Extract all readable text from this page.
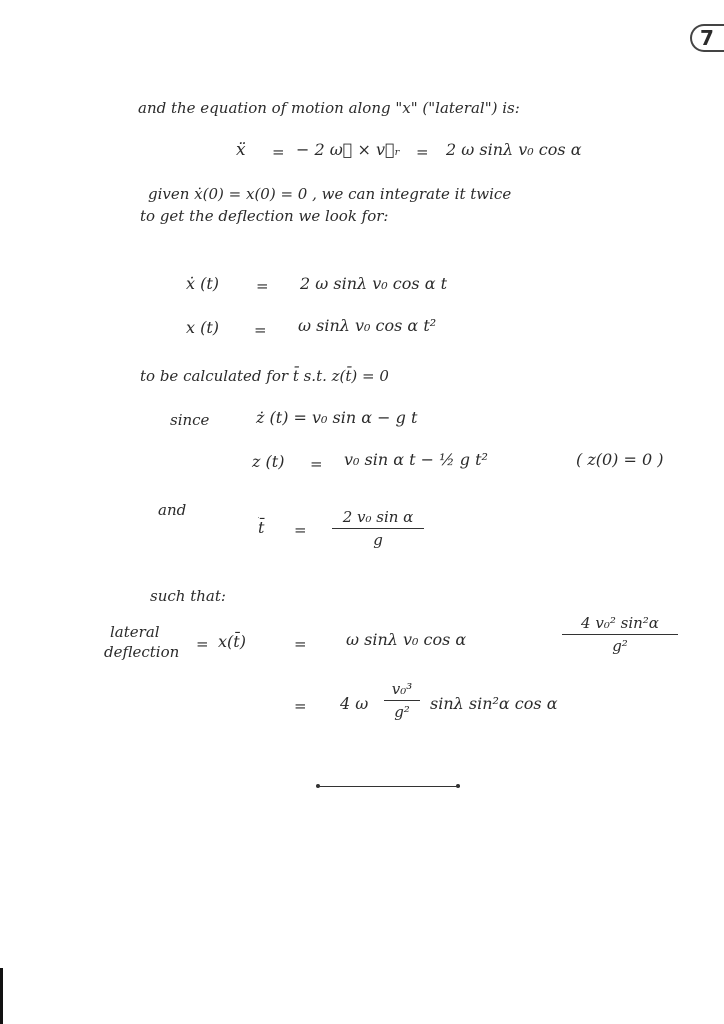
7
and the equation of motion along "x" ("lateral") is:
ẍ = − 2 ω⃗ × v⃗ᵣ = 2 ω sinλ v₀ cos α
given ẋ(0) = x(0) = 0 , we can integrate it twice
to get the deflection we look for:
ẋ (t) = 2 ω sinλ v₀ cos α t
x (t) = ω sinλ v₀ cos α t²
to be calculated for t̄ s.t. z(t̄) = 0
since	ż (t) = v₀ sin α − g t
z (t) = v₀ sin α t − ½ g t²	( z(0) = 0 )
and
t̄ = $\frac{\text{2 v₀ sin α}}{g}$
such that:
lateral
deflection = x(t̄)	= ω sinλ v₀ cos α	$\frac{\text{4 v₀² sin²α}}{\text{g²}}$
= 4 ω $\frac{\text{v₀³}}{\text{g²}}$ sinλ sin²α cos α
